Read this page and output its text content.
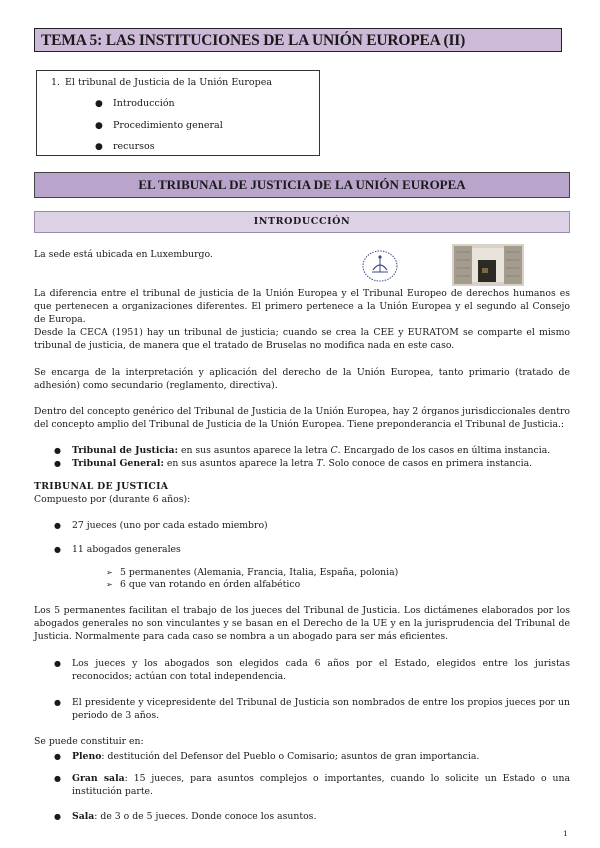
TEMA 5: LAS INSTITUCIONES DE LA UNIÓN EUROPEA (II)
1. El tribunal de Justicia de la Unión Europea
● Introducción
● Procedimiento general
● recursos
EL TRIBUNAL DE JUSTICIA DE LA UNIÓN EUROPEA
INTRODUCCIÓN
La sede está ubicada en Luxemburgo.
La diferencia entre el tribunal de justicia de la Unión Europea y el Tribunal Europeo de derechos humanos es que pertenecen a organizaciones diferentes. El primero pertenece a la Unión Europea y el segundo al Consejo de Europa.
Desde la CECA (1951) hay un tribunal de justicia; cuando se crea la CEE y EURATOM se comparte el mismo tribunal de justicia, de manera que el tratado de Bruselas no modifica nada en este caso.
Se encarga de la interpretación y aplicación del derecho de la Unión Europea, tanto primario (tratado de adhesión) como secundario (reglamento, directiva).
Dentro del concepto genérico del Tribunal de Justicia de la Unión Europea, hay 2 órganos jurisdiccionales dentro del concepto amplio del Tribunal de Justicia de la Unión Europea. Tiene preponderancia el Tribunal de Justicia.:
●	Tribunal de Justicia: en sus asuntos aparece la letra C. Encargado de los casos en última instancia.
●	Tribunal General: en sus asuntos aparece la letra T. Solo conoce de casos en primera instancia.
TRIBUNAL DE JUSTICIA
Compuesto por (durante 6 años):
●	27 jueces (uno por cada estado miembro)
●	11 abogados generales
➢ 5 permanentes (Alemania, Francia, Italia, España, polonia)
➢ 6 que van rotando en órden alfabético
Los 5 permanentes facilitan el trabajo de los jueces del Tribunal de Justicia. Los dictámenes elaborados por los abogados generales no son vinculantes y se basan en el Derecho de la UE y en la jurisprudencia del Tribunal de Justicia. Normalmente para cada caso se nombra a un abogado para ser más eficientes.
●	Los jueces y los abogados son elegidos cada 6 años por el Estado, elegidos entre los juristas reconocidos; actúan con total independencia.
●	El presidente y vicepresidente del Tribunal de Justicia son nombrados de entre los propios jueces por un periodo de 3 años.
Se puede constituir en:
●	Pleno: destitución del Defensor del Pueblo o Comisario; asuntos de gran importancia.
●	Gran sala: 15 jueces, para asuntos complejos o importantes, cuando lo solicite un Estado o una institución parte.
●	Sala: de 3 o de 5 jueces. Donde conoce los asuntos.
1
